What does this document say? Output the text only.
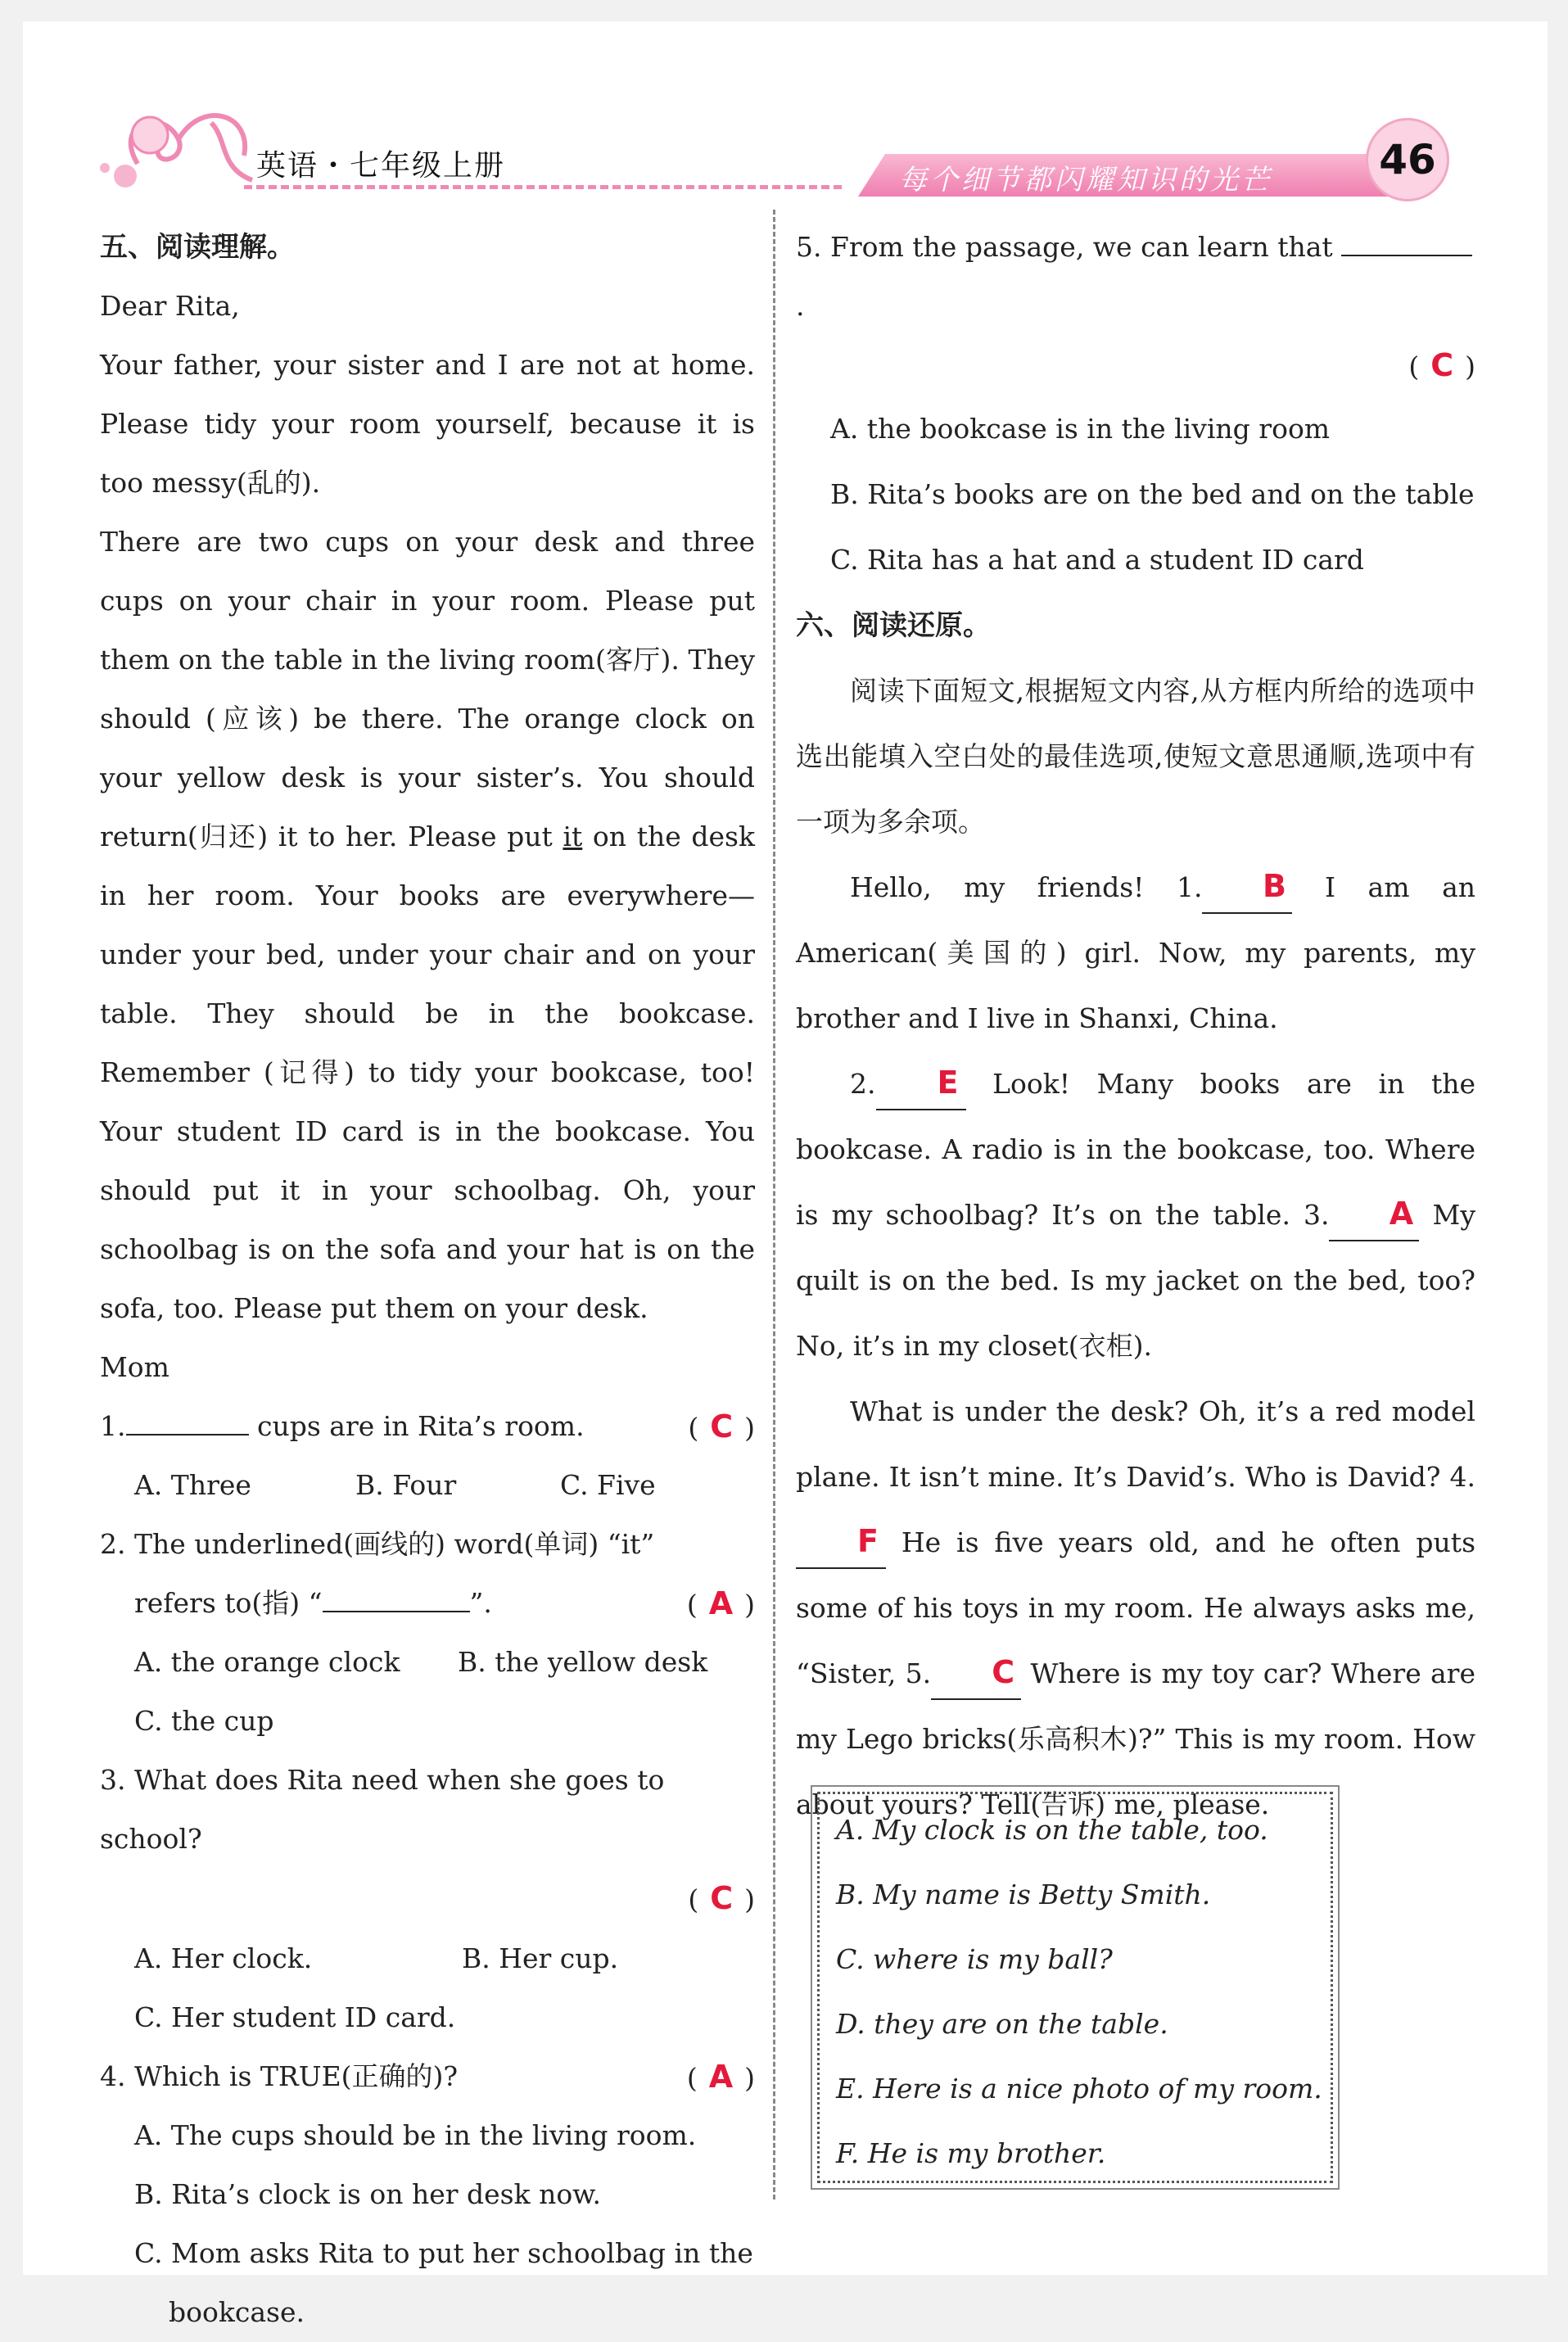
英语・七年级上册	每个细节都闪耀知识的光芒	46

五、阅读理解。

Dear Rita,

Your father, your sister and I are not at home. Please tidy your room yourself, because it is too messy(乱的).

There are two cups on your desk and three cups on your chair in your room. Please put them on the table in the living room(客厅). They should (应该) be there. The orange clock on your yellow desk is your sister’s. You should return(归还) it to her. Please put it on the desk in her room. Your books are everywhere—under your bed, under your chair and on your table. They should be in the bookcase. Remember (记得) to tidy your bookcase, too! Your student ID card is in the bookcase. You should put it in your schoolbag. Oh, your schoolbag is on the sofa and your hat is on the sofa, too. Please put them on your desk.

Mom

1.	cups are in Rita’s room.	( C )

A. Three	B. Four	C. Five

2. The underlined(画线的) word(单词) “it”

refers to(指) “	”.	( A )

A. the orange clock	B. the yellow desk

C. the cup

3. What does Rita need when she goes to school?

( C )

A. Her clock.	B. Her cup.

C. Her student ID card.

4. Which is TRUE(正确的)?	( A )

A. The cups should be in the living room.

B. Rita’s clock is on her desk now.

C. Mom asks Rita to put her schoolbag in the

bookcase.

5. From the passage, we can learn that .

( C )

A. the bookcase is in the living room

B. Rita’s books are on the bed and on the table

C. Rita has a hat and a student ID card

六、阅读还原。

阅读下面短文,根据短文内容,从方框内所给的选项中选出能填入空白处的最佳选项,使短文意思通顺,选项中有一项为多余项。

Hello, my friends! 1. B I am an American(美国的) girl. Now, my parents, my brother and I live in Shanxi, China.

2. E Look! Many books are in the bookcase. A radio is in the bookcase, too. Where is my schoolbag? It’s on the table. 3. A My quilt is on the bed. Is my jacket on the bed, too? No, it’s in my closet(衣柜).

What is under the desk? Oh, it’s a red model plane. It isn’t mine. It’s David’s. Who is David? 4.F He is five years old, and he often puts some of his toys in my room. He always asks me, “Sister, 5. C Where is my toy car? Where are my Lego bricks(乐高积木)?” This is my room. How about yours? Tell(告诉) me, please.

A. My clock is on the table, too.

B. My name is Betty Smith.

C. where is my ball?

D. they are on the table.

E. Here is a nice photo of my room.

F. He is my brother.
